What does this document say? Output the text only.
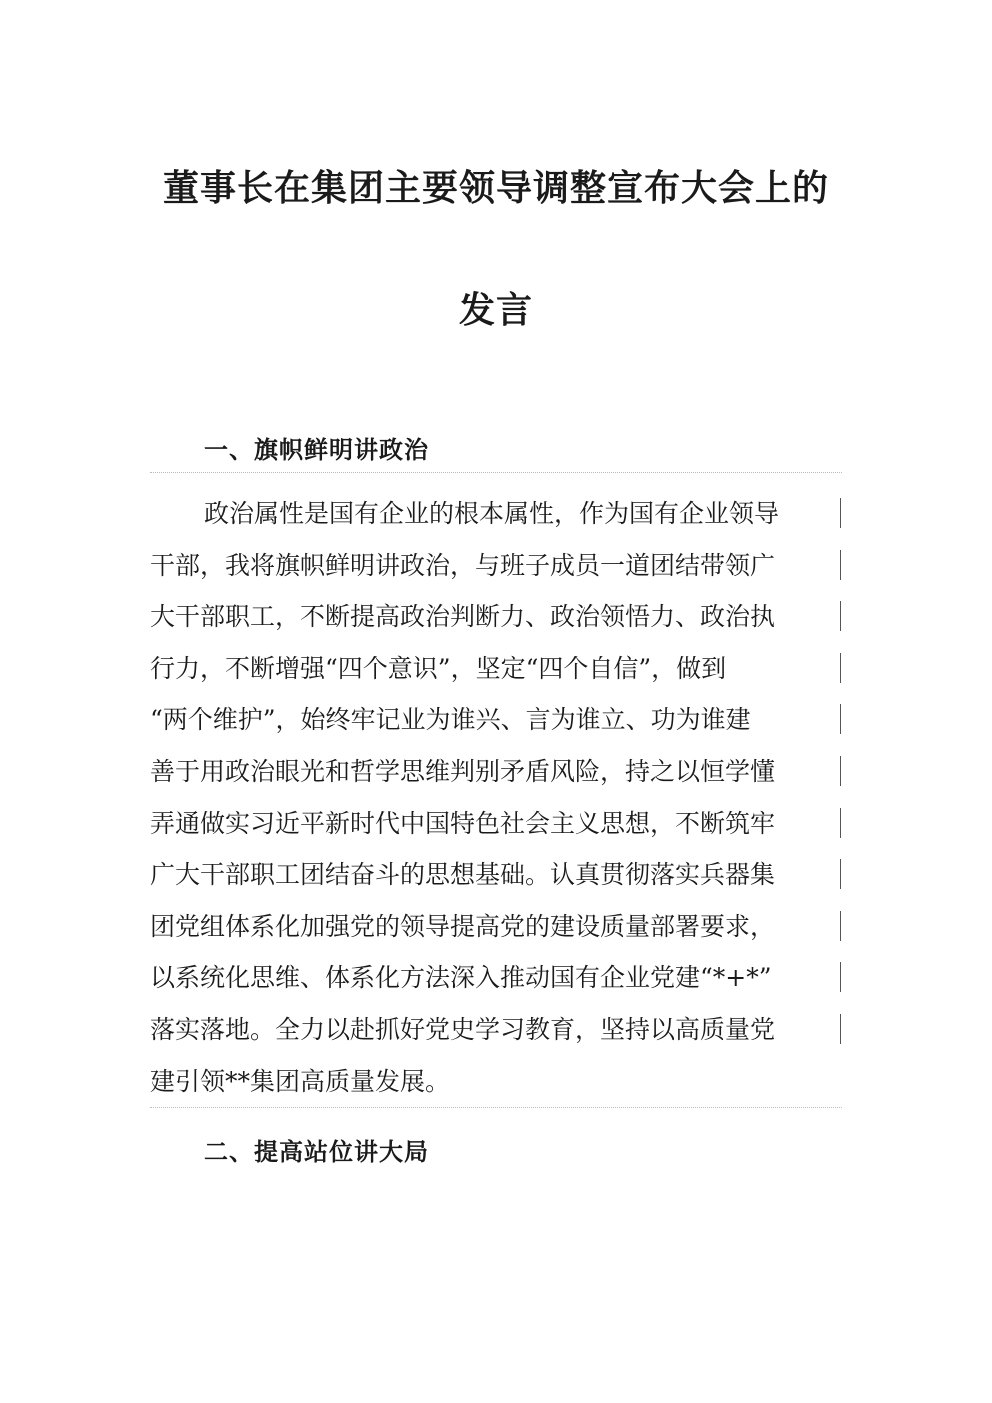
董事长在集团主要领导调整宣布大会上的
发言
一、旗帜鲜明讲政治
政治属性是国有企业的根本属性，作为国有企业领导
干部，我将旗帜鲜明讲政治，与班子成员一道团结带领广
大干部职工，不断提高政治判断力、政治领悟力、政治执
行力，不断增强“四个意识”，坚定“四个自信”，做到
“两个维护”，始终牢记业为谁兴、言为谁立、功为谁建
善于用政治眼光和哲学思维判别矛盾风险，持之以恒学懂
弄通做实习近平新时代中国特色社会主义思想，不断筑牢
广大干部职工团结奋斗的思想基础。认真贯彻落实兵器集
团党组体系化加强党的领导提高党的建设质量部署要求，
以系统化思维、体系化方法深入推动国有企业党建“*+*”
落实落地。全力以赴抓好党史学习教育，坚持以高质量党
建引领**集团高质量发展。
二、提高站位讲大局
